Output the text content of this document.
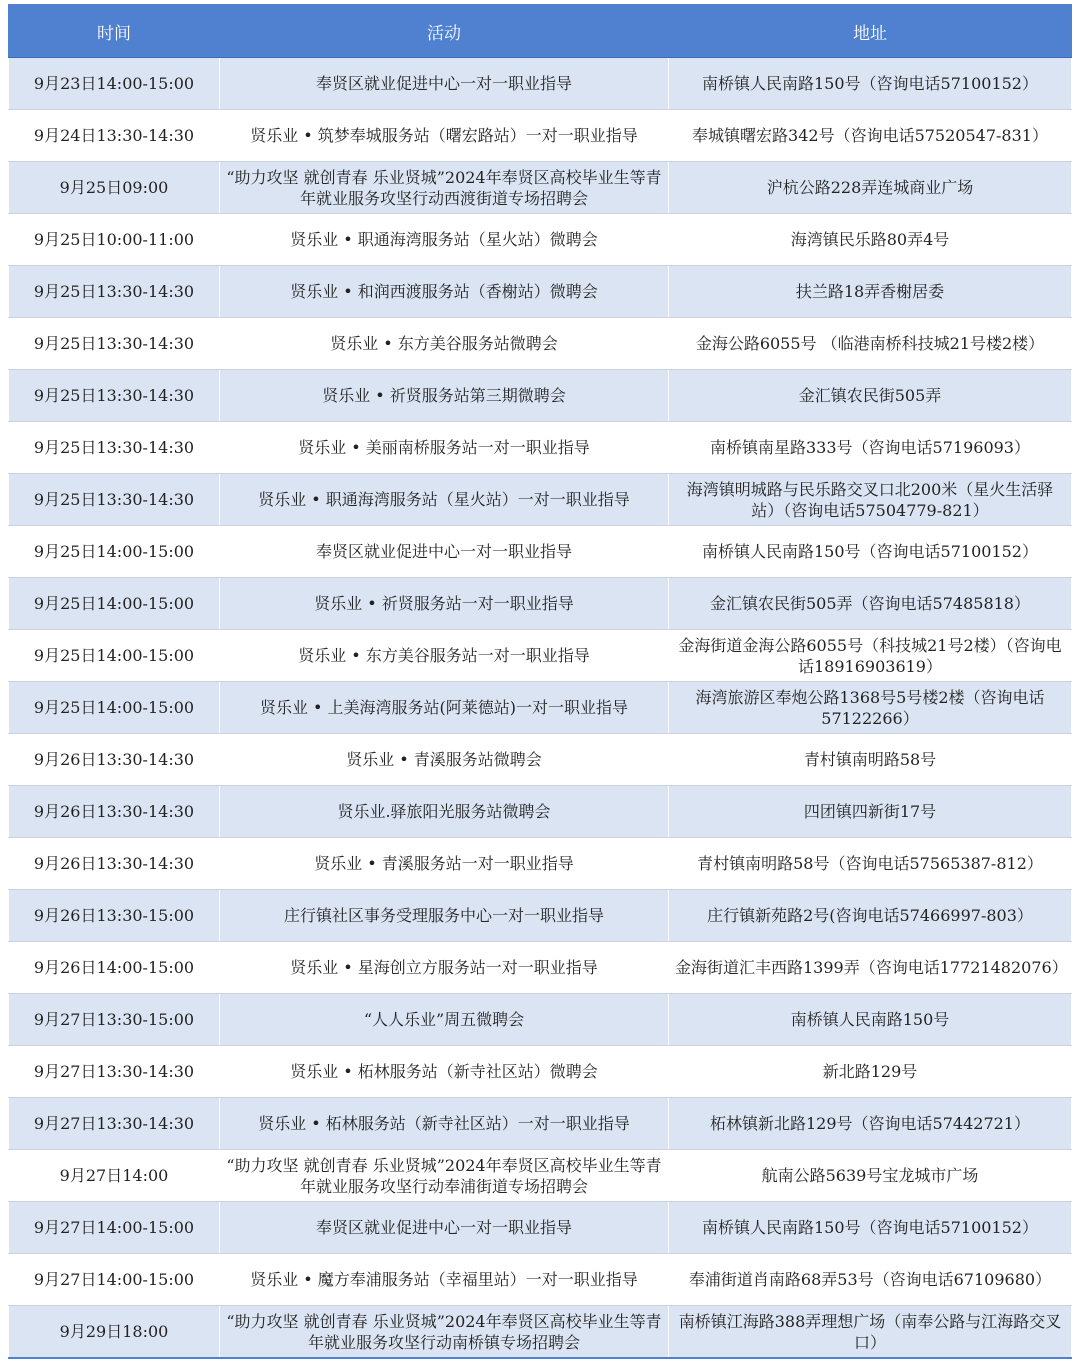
时间	活动	地址
9月23日14:00-15:00	奉贤区就业促进中心一对一职业指导	南桥镇人民南路150号（咨询电话57100152）
9月24日13:30-14:30	贤乐业 • 筑梦奉城服务站（曙宏路站）一对一职业指导	奉城镇曙宏路342号（咨询电话57520547-831）
9月25日09:00	“助力攻坚 就创青春 乐业贤城”2024年奉贤区高校毕业生等青年就业服务攻坚行动西渡街道专场招聘会	沪杭公路228弄连城商业广场
9月25日10:00-11:00	贤乐业 • 职通海湾服务站（星火站）微聘会	海湾镇民乐路80弄4号
9月25日13:30-14:30	贤乐业 • 和润西渡服务站（香榭站）微聘会	扶兰路18弄香榭居委
9月25日13:30-14:30	贤乐业 • 东方美谷服务站微聘会	金海公路6055号 （临港南桥科技城21号楼2楼）
9月25日13:30-14:30	贤乐业 • 祈贤服务站第三期微聘会	金汇镇农民街505弄
9月25日13:30-14:30	贤乐业 • 美丽南桥服务站一对一职业指导	南桥镇南星路333号（咨询电话57196093）
9月25日13:30-14:30	贤乐业 • 职通海湾服务站（星火站）一对一职业指导	海湾镇明城路与民乐路交叉口北200米（星火生活驿站）（咨询电话57504779-821）
9月25日14:00-15:00	奉贤区就业促进中心一对一职业指导	南桥镇人民南路150号（咨询电话57100152）
9月25日14:00-15:00	贤乐业 • 祈贤服务站一对一职业指导	金汇镇农民街505弄（咨询电话57485818）
9月25日14:00-15:00	贤乐业 • 东方美谷服务站一对一职业指导	金海街道金海公路6055号（科技城21号2楼）（咨询电话18916903619）
9月25日14:00-15:00	贤乐业 • 上美海湾服务站(阿莱德站)一对一职业指导	海湾旅游区奉炮公路1368号5号楼2楼（咨询电话57122266）
9月26日13:30-14:30	贤乐业 • 青溪服务站微聘会	青村镇南明路58号
9月26日13:30-14:30	贤乐业.驿旅阳光服务站微聘会	四团镇四新街17号
9月26日13:30-14:30	贤乐业 • 青溪服务站一对一职业指导	青村镇南明路58号（咨询电话57565387-812）
9月26日13:30-15:00	庄行镇社区事务受理服务中心一对一职业指导	庄行镇新苑路2号(咨询电话57466997-803）
9月26日14:00-15:00	贤乐业 • 星海创立方服务站一对一职业指导	金海街道汇丰西路1399弄（咨询电话17721482076）
9月27日13:30-15:00	“人人乐业”周五微聘会	南桥镇人民南路150号
9月27日13:30-14:30	贤乐业 • 柘林服务站（新寺社区站）微聘会	新北路129号
9月27日13:30-14:30	贤乐业 • 柘林服务站（新寺社区站）一对一职业指导	柘林镇新北路129号（咨询电话57442721）
9月27日14:00	“助力攻坚 就创青春 乐业贤城”2024年奉贤区高校毕业生等青年就业服务攻坚行动奉浦街道专场招聘会	航南公路5639号宝龙城市广场
9月27日14:00-15:00	奉贤区就业促进中心一对一职业指导	南桥镇人民南路150号（咨询电话57100152）
9月27日14:00-15:00	贤乐业 • 魔方奉浦服务站（幸福里站）一对一职业指导	奉浦街道肖南路68弄53号（咨询电话67109680）
9月29日18:00	“助力攻坚 就创青春 乐业贤城”2024年奉贤区高校毕业生等青年就业服务攻坚行动南桥镇专场招聘会	南桥镇江海路388弄理想广场（南奉公路与江海路交叉口）
